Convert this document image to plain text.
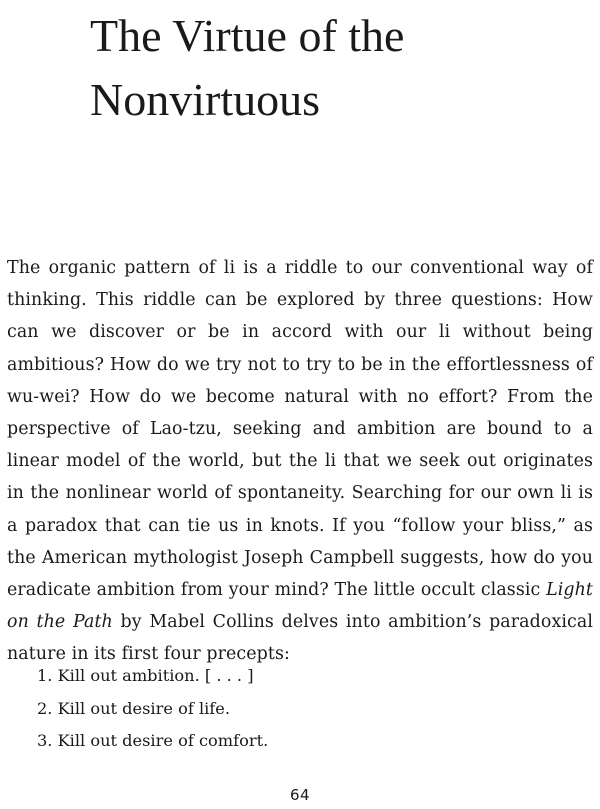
The Virtue of the
Nonvirtuous

The organic pattern of li is a riddle to our conventional way of thinking. This riddle can be explored by three questions: How can we discover or be in accord with our li without being ambitious? How do we try not to try to be in the effortlessness of wu-wei? How do we become natural with no effort? From the perspective of Lao-tzu, seeking and ambition are bound to a linear model of the world, but the li that we seek out originates in the nonlinear world of spontaneity. Searching for our own li is a paradox that can tie us in knots. If you “follow your bliss,” as the American mythologist Joseph Campbell suggests, how do you eradicate ambition from your mind? The little occult classic Light on the Path by Mabel Collins delves into ambition’s paradoxical nature in its first four precepts:

1. Kill out ambition. [ . . . ]
2. Kill out desire of life.
3. Kill out desire of comfort.
64
